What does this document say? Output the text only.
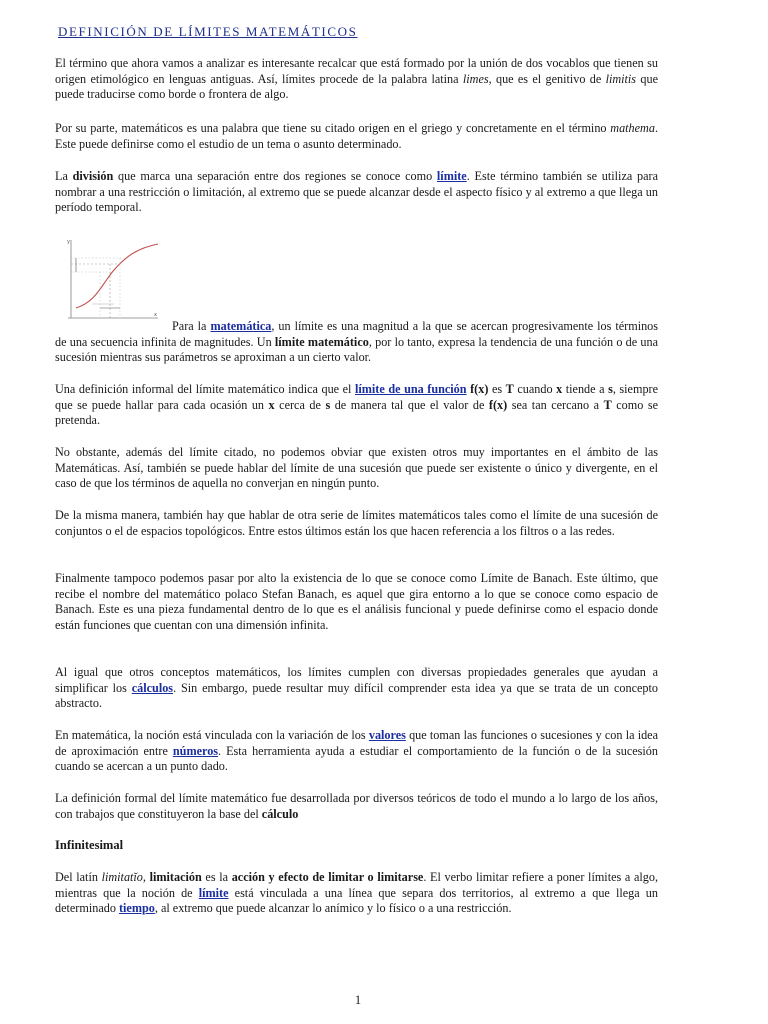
DEFINICIÓN DE LÍMITES MATEMÁTICOS

El término que ahora vamos a analizar es interesante recalcar que está formado por la unión de dos vocablos que tienen su origen etimológico en lenguas antiguas. Así, límites procede de la palabra latina limes, que es el genitivo de limitis que puede traducirse como borde o frontera de algo.

Por su parte, matemáticos es una palabra que tiene su citado origen en el griego y concretamente en el término mathema. Este puede definirse como el estudio de un tema o asunto determinado.

La división que marca una separación entre dos regiones se conoce como límite. Este término también se utiliza para nombrar a una restricción o limitación, al extremo que se puede alcanzar desde el aspecto físico y al extremo a que llega un período temporal.

y
x

Para la matemática, un límite es una magnitud a la que se acercan progresivamente los términos de una secuencia infinita de magnitudes. Un límite matemático, por lo tanto, expresa la tendencia de una función o de una sucesión mientras sus parámetros se aproximan a un cierto valor.

Una definición informal del límite matemático indica que el límite de una función f(x) es T cuando x tiende a s, siempre que se puede hallar para cada ocasión un x cerca de s de manera tal que el valor de f(x) sea tan cercano a T como se pretenda.

No obstante, además del límite citado, no podemos obviar que existen otros muy importantes en el ámbito de las Matemáticas. Así, también se puede hablar del límite de una sucesión que puede ser existente o único y divergente, en el caso de que los términos de aquella no converjan en ningún punto.

De la misma manera, también hay que hablar de otra serie de límites matemáticos tales como el límite de una sucesión de conjuntos o el de espacios topológicos. Entre estos últimos están los que hacen referencia a los filtros o a las redes.

Finalmente tampoco podemos pasar por alto la existencia de lo que se conoce como Límite de Banach. Este último, que recibe el nombre del matemático polaco Stefan Banach, es aquel que gira entorno a lo que se conoce como espacio de Banach. Este es una pieza fundamental dentro de lo que es el análisis funcional y puede definirse como el espacio donde están funciones que cuentan con una dimensión infinita.

Al igual que otros conceptos matemáticos, los límites cumplen con diversas propiedades generales que ayudan a simplificar los cálculos. Sin embargo, puede resultar muy difícil comprender esta idea ya que se trata de un concepto abstracto.

En matemática, la noción está vinculada con la variación de los valores que toman las funciones o sucesiones y con la idea de aproximación entre números. Esta herramienta ayuda a estudiar el comportamiento de la función o de la sucesión cuando se acercan a un punto dado.

La definición formal del límite matemático fue desarrollada por diversos teóricos de todo el mundo a lo largo de los años, con trabajos que constituyeron la base del cálculo

Infinitesimal

Del latín limitatĭo, limitación es la acción y efecto de limitar o limitarse. El verbo limitar refiere a poner límites a algo, mientras que la noción de límite está vinculada a una línea que separa dos territorios, al extremo a que llega un determinado tiempo, al extremo que puede alcanzar lo anímico y lo físico o a una restricción.

1
